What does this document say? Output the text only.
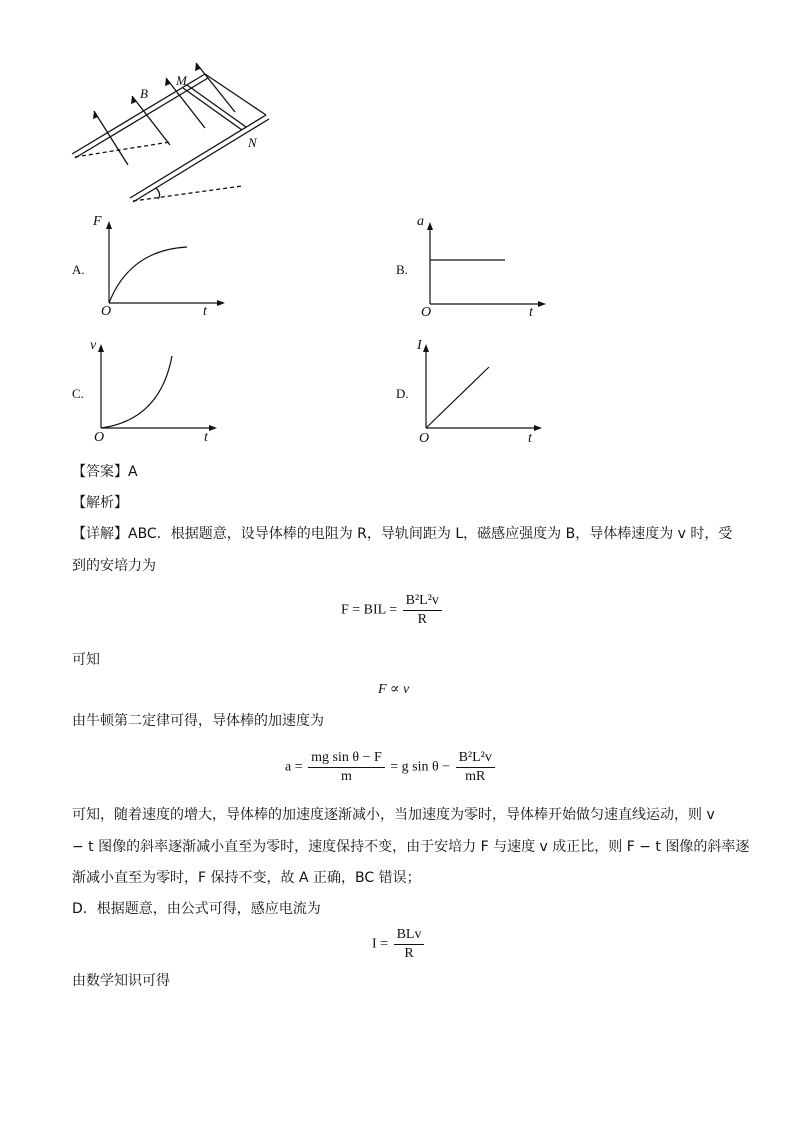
B
M
N
A.
F
t
O
B.
a
t
O
C.
v
t
O
D.
I
t
O
【答案】A
【解析】
【详解】ABC．根据题意，设导体棒的电阻为 R，导轨间距为 L，磁感应强度为 B，导体棒速度为 v 时，受
到的安培力为
F = BIL = $\frac{\text{B²L²v}}{R}$
可知
F ∝ v
由牛顿第二定律可得，导体棒的加速度为
$a = \frac{\text{mg sin θ − F}}{m} = g$ $\sin \theta - \frac{\text{B²L²v}}{mR}$
可知，随着速度的增大，导体棒的加速度逐渐减小，当加速度为零时，导体棒开始做匀速直线运动，则 v
− t 图像的斜率逐渐减小直至为零时，速度保持不变，由于安培力 F 与速度 v 成正比，则 F − t 图像的斜率逐
渐减小直至为零时，F 保持不变，故 A 正确，BC 错误；
D．根据题意，由公式可得，感应电流为
$I = \frac{\text{BLv}}{R}$
由数学知识可得
